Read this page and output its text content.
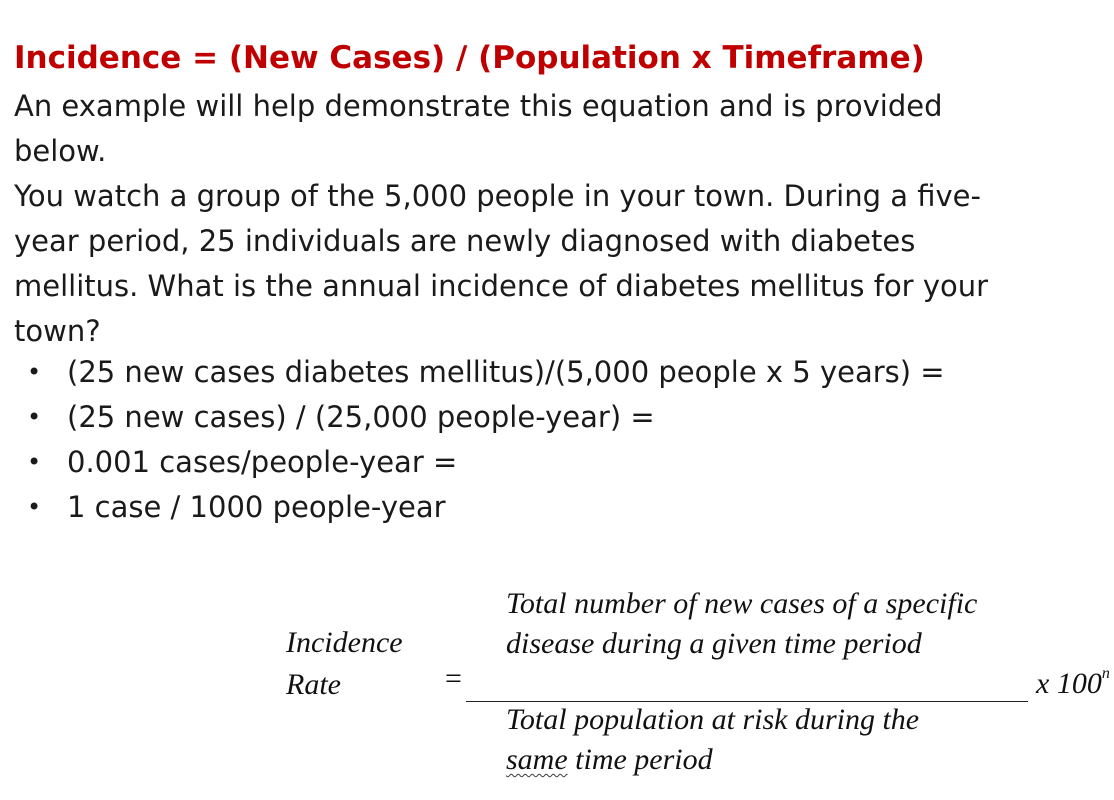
Incidence = (New Cases) / (Population x Timeframe)

An example will help demonstrate this equation and is provided below.

You watch a group of the 5,000 people in your town. During a five-year period, 25 individuals are newly diagnosed with diabetes mellitus. What is the annual incidence of diabetes mellitus for your town?

• (25 new cases diabetes mellitus)/(5,000 people x 5 years) =
• (25 new cases) / (25,000 people-year) =
• 0.001 cases/people-year =
• 1 case / 1000 people-year
Incidence
Rate	=
Total number of new cases of a specific
disease during a given time period
Total population at risk during the
same time period
x 100$^n$
